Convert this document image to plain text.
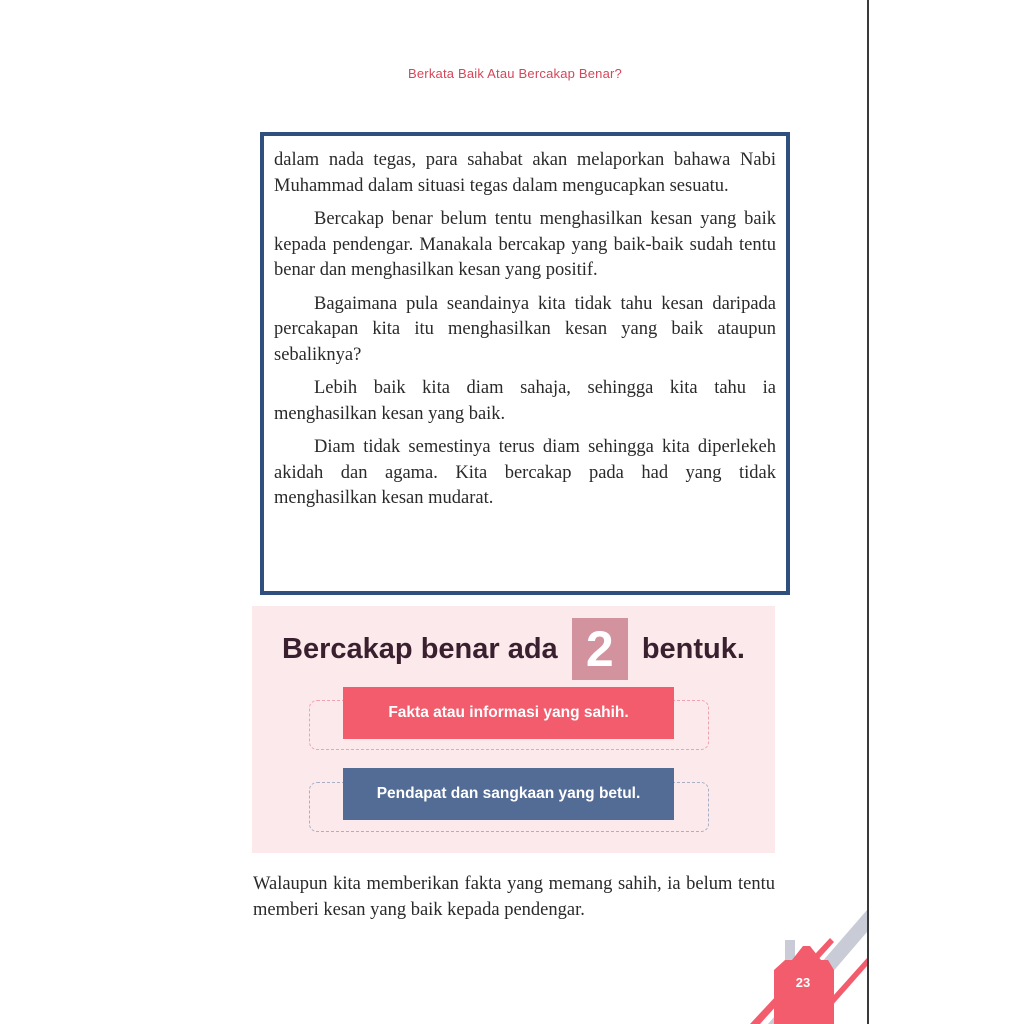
Berkata Baik Atau Bercakap Benar?

dalam nada tegas, para sahabat akan melaporkan bahawa Nabi Muhammad dalam situasi tegas dalam mengucapkan sesuatu.

Bercakap benar belum tentu menghasilkan kesan yang baik kepada pendengar. Manakala bercakap yang baik-baik sudah tentu benar dan menghasilkan kesan yang positif.

Bagaimana pula seandainya kita tidak tahu kesan daripada percakapan kita itu menghasilkan kesan yang baik ataupun sebaliknya?

Lebih baik kita diam sahaja, sehingga kita tahu ia menghasilkan kesan yang baik.

Diam tidak semestinya terus diam sehingga kita diperlekeh akidah dan agama. Kita bercakap pada had yang tidak menghasilkan kesan mudarat.

Bercakap benar ada 2 bentuk.
Fakta atau informasi yang sahih.
Pendapat dan sangkaan yang betul.

Walaupun kita memberikan fakta yang memang sahih, ia belum tentu memberi kesan yang baik kepada pendengar.

23
